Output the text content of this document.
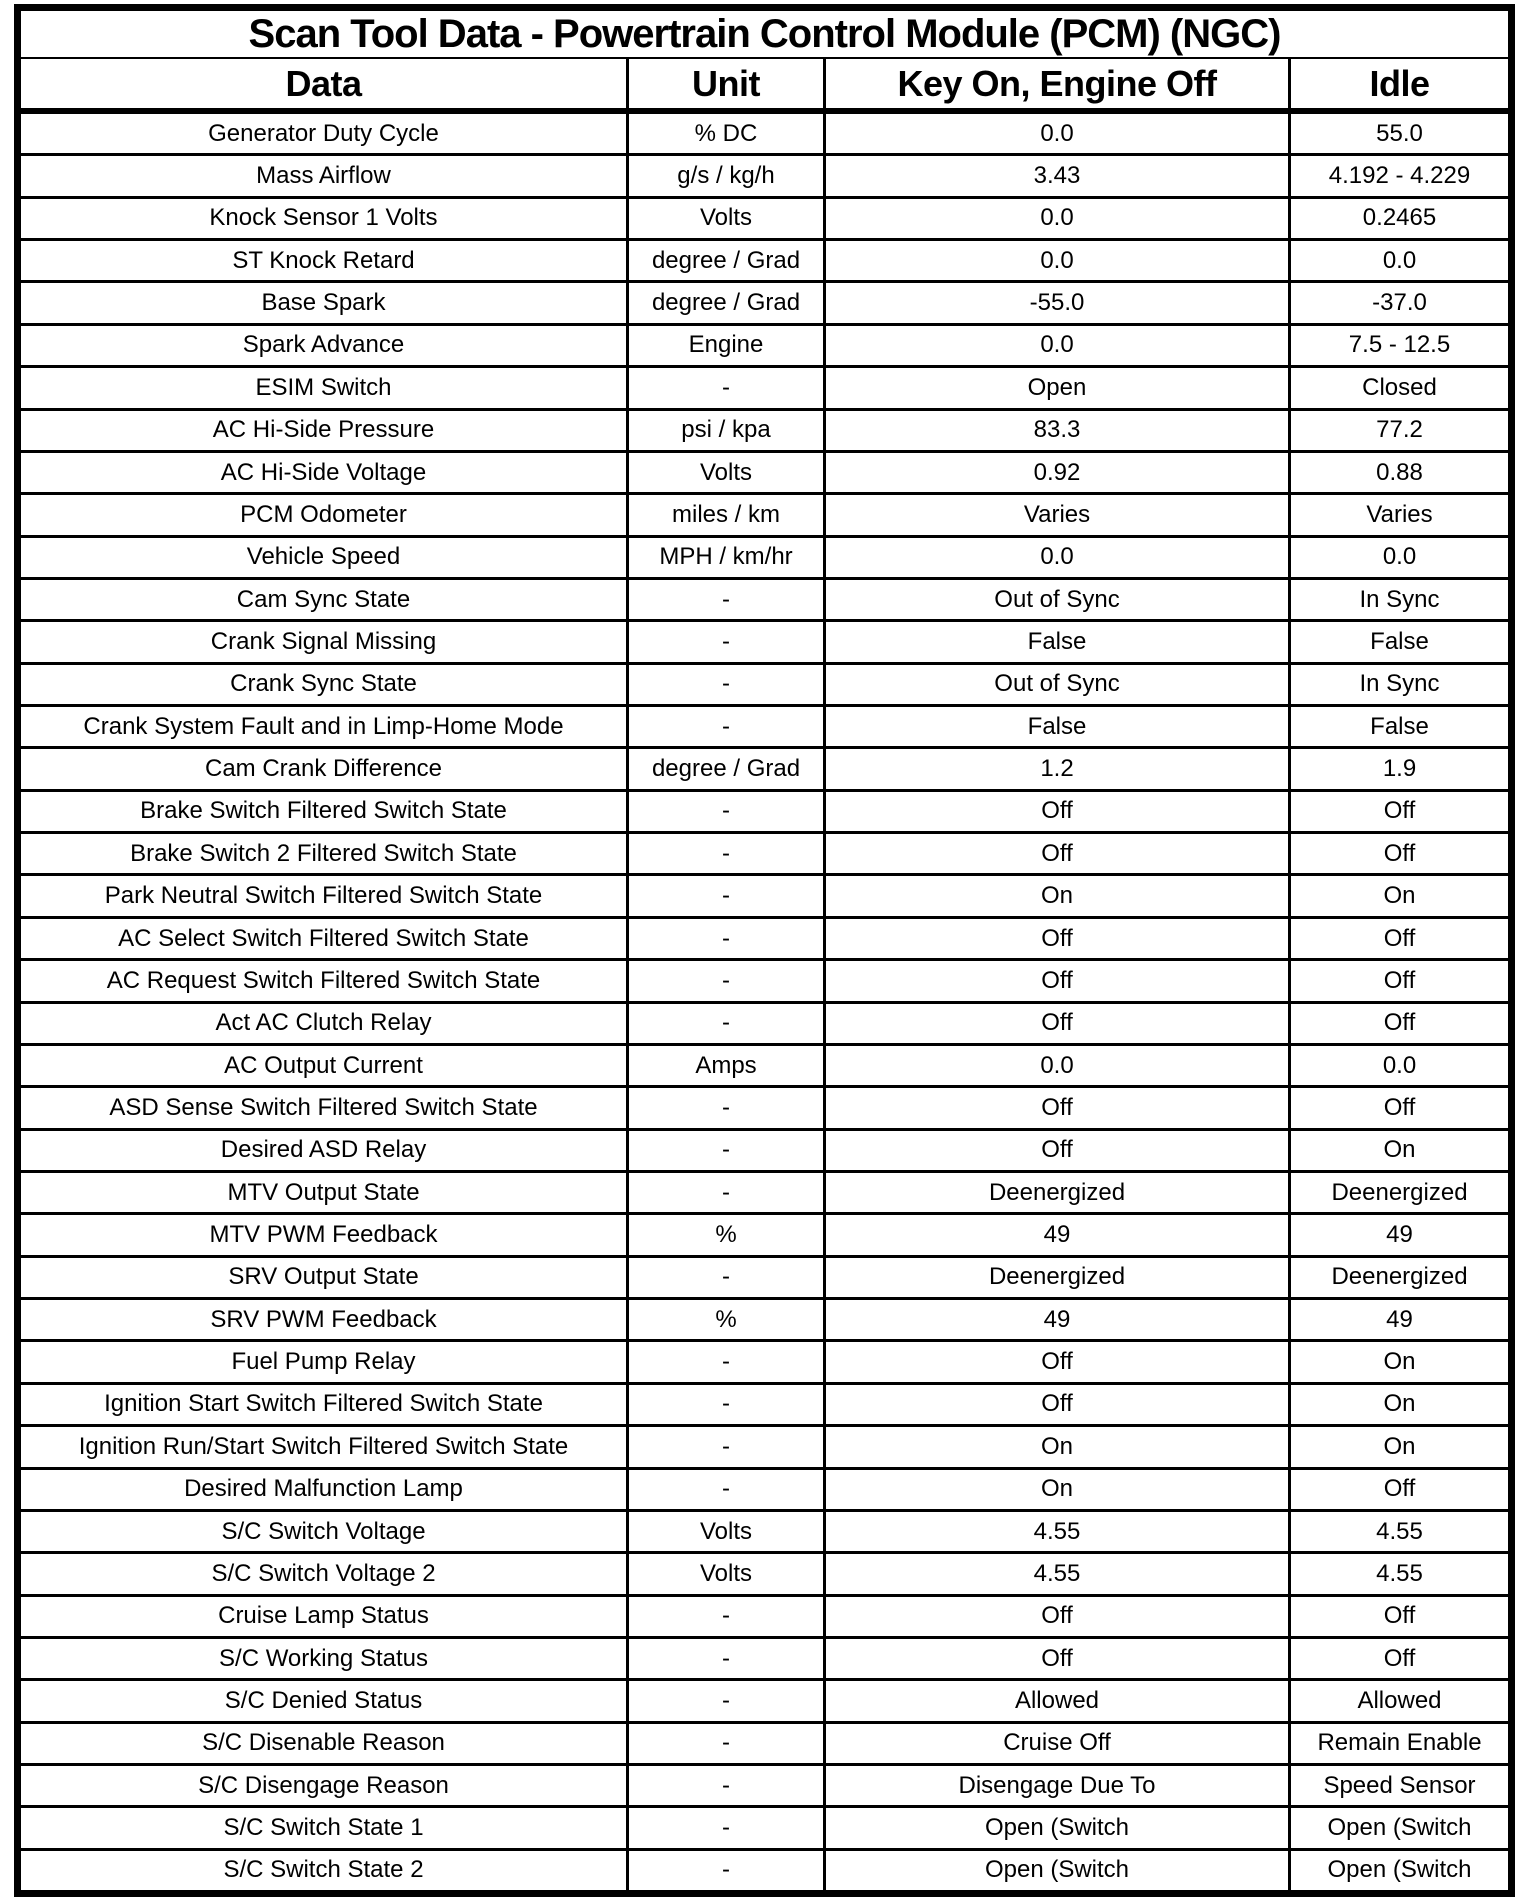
Scan Tool Data - Powertrain Control Module (PCM) (NGC)
Data	Unit	Key On, Engine Off	Idle
Generator Duty Cycle	% DC	0.0	55.0
Mass Airflow	g/s / kg/h	3.43	4.192 - 4.229
Knock Sensor 1 Volts	Volts	0.0	0.2465
ST Knock Retard	degree / Grad	0.0	0.0
Base Spark	degree / Grad	-55.0	-37.0
Spark Advance	Engine	0.0	7.5 - 12.5
ESIM Switch	-	Open	Closed
AC Hi-Side Pressure	psi / kpa	83.3	77.2
AC Hi-Side Voltage	Volts	0.92	0.88
PCM Odometer	miles / km	Varies	Varies
Vehicle Speed	MPH / km/hr	0.0	0.0
Cam Sync State	-	Out of Sync	In Sync
Crank Signal Missing	-	False	False
Crank Sync State	-	Out of Sync	In Sync
Crank System Fault and in Limp-Home Mode	-	False	False
Cam Crank Difference	degree / Grad	1.2	1.9
Brake Switch Filtered Switch State	-	Off	Off
Brake Switch 2 Filtered Switch State	-	Off	Off
Park Neutral Switch Filtered Switch State	-	On	On
AC Select Switch Filtered Switch State	-	Off	Off
AC Request Switch Filtered Switch State	-	Off	Off
Act AC Clutch Relay	-	Off	Off
AC Output Current	Amps	0.0	0.0
ASD Sense Switch Filtered Switch State	-	Off	Off
Desired ASD Relay	-	Off	On
MTV Output State	-	Deenergized	Deenergized
MTV PWM Feedback	%	49	49
SRV Output State	-	Deenergized	Deenergized
SRV PWM Feedback	%	49	49
Fuel Pump Relay	-	Off	On
Ignition Start Switch Filtered Switch State	-	Off	On
Ignition Run/Start Switch Filtered Switch State	-	On	On
Desired Malfunction Lamp	-	On	Off
S/C Switch Voltage	Volts	4.55	4.55
S/C Switch Voltage 2	Volts	4.55	4.55
Cruise Lamp Status	-	Off	Off
S/C Working Status	-	Off	Off
S/C Denied Status	-	Allowed	Allowed
S/C Disenable Reason	-	Cruise Off	Remain Enable
S/C Disengage Reason	-	Disengage Due To	Speed Sensor
S/C Switch State 1	-	Open (Switch	Open (Switch
S/C Switch State 2	-	Open (Switch	Open (Switch
